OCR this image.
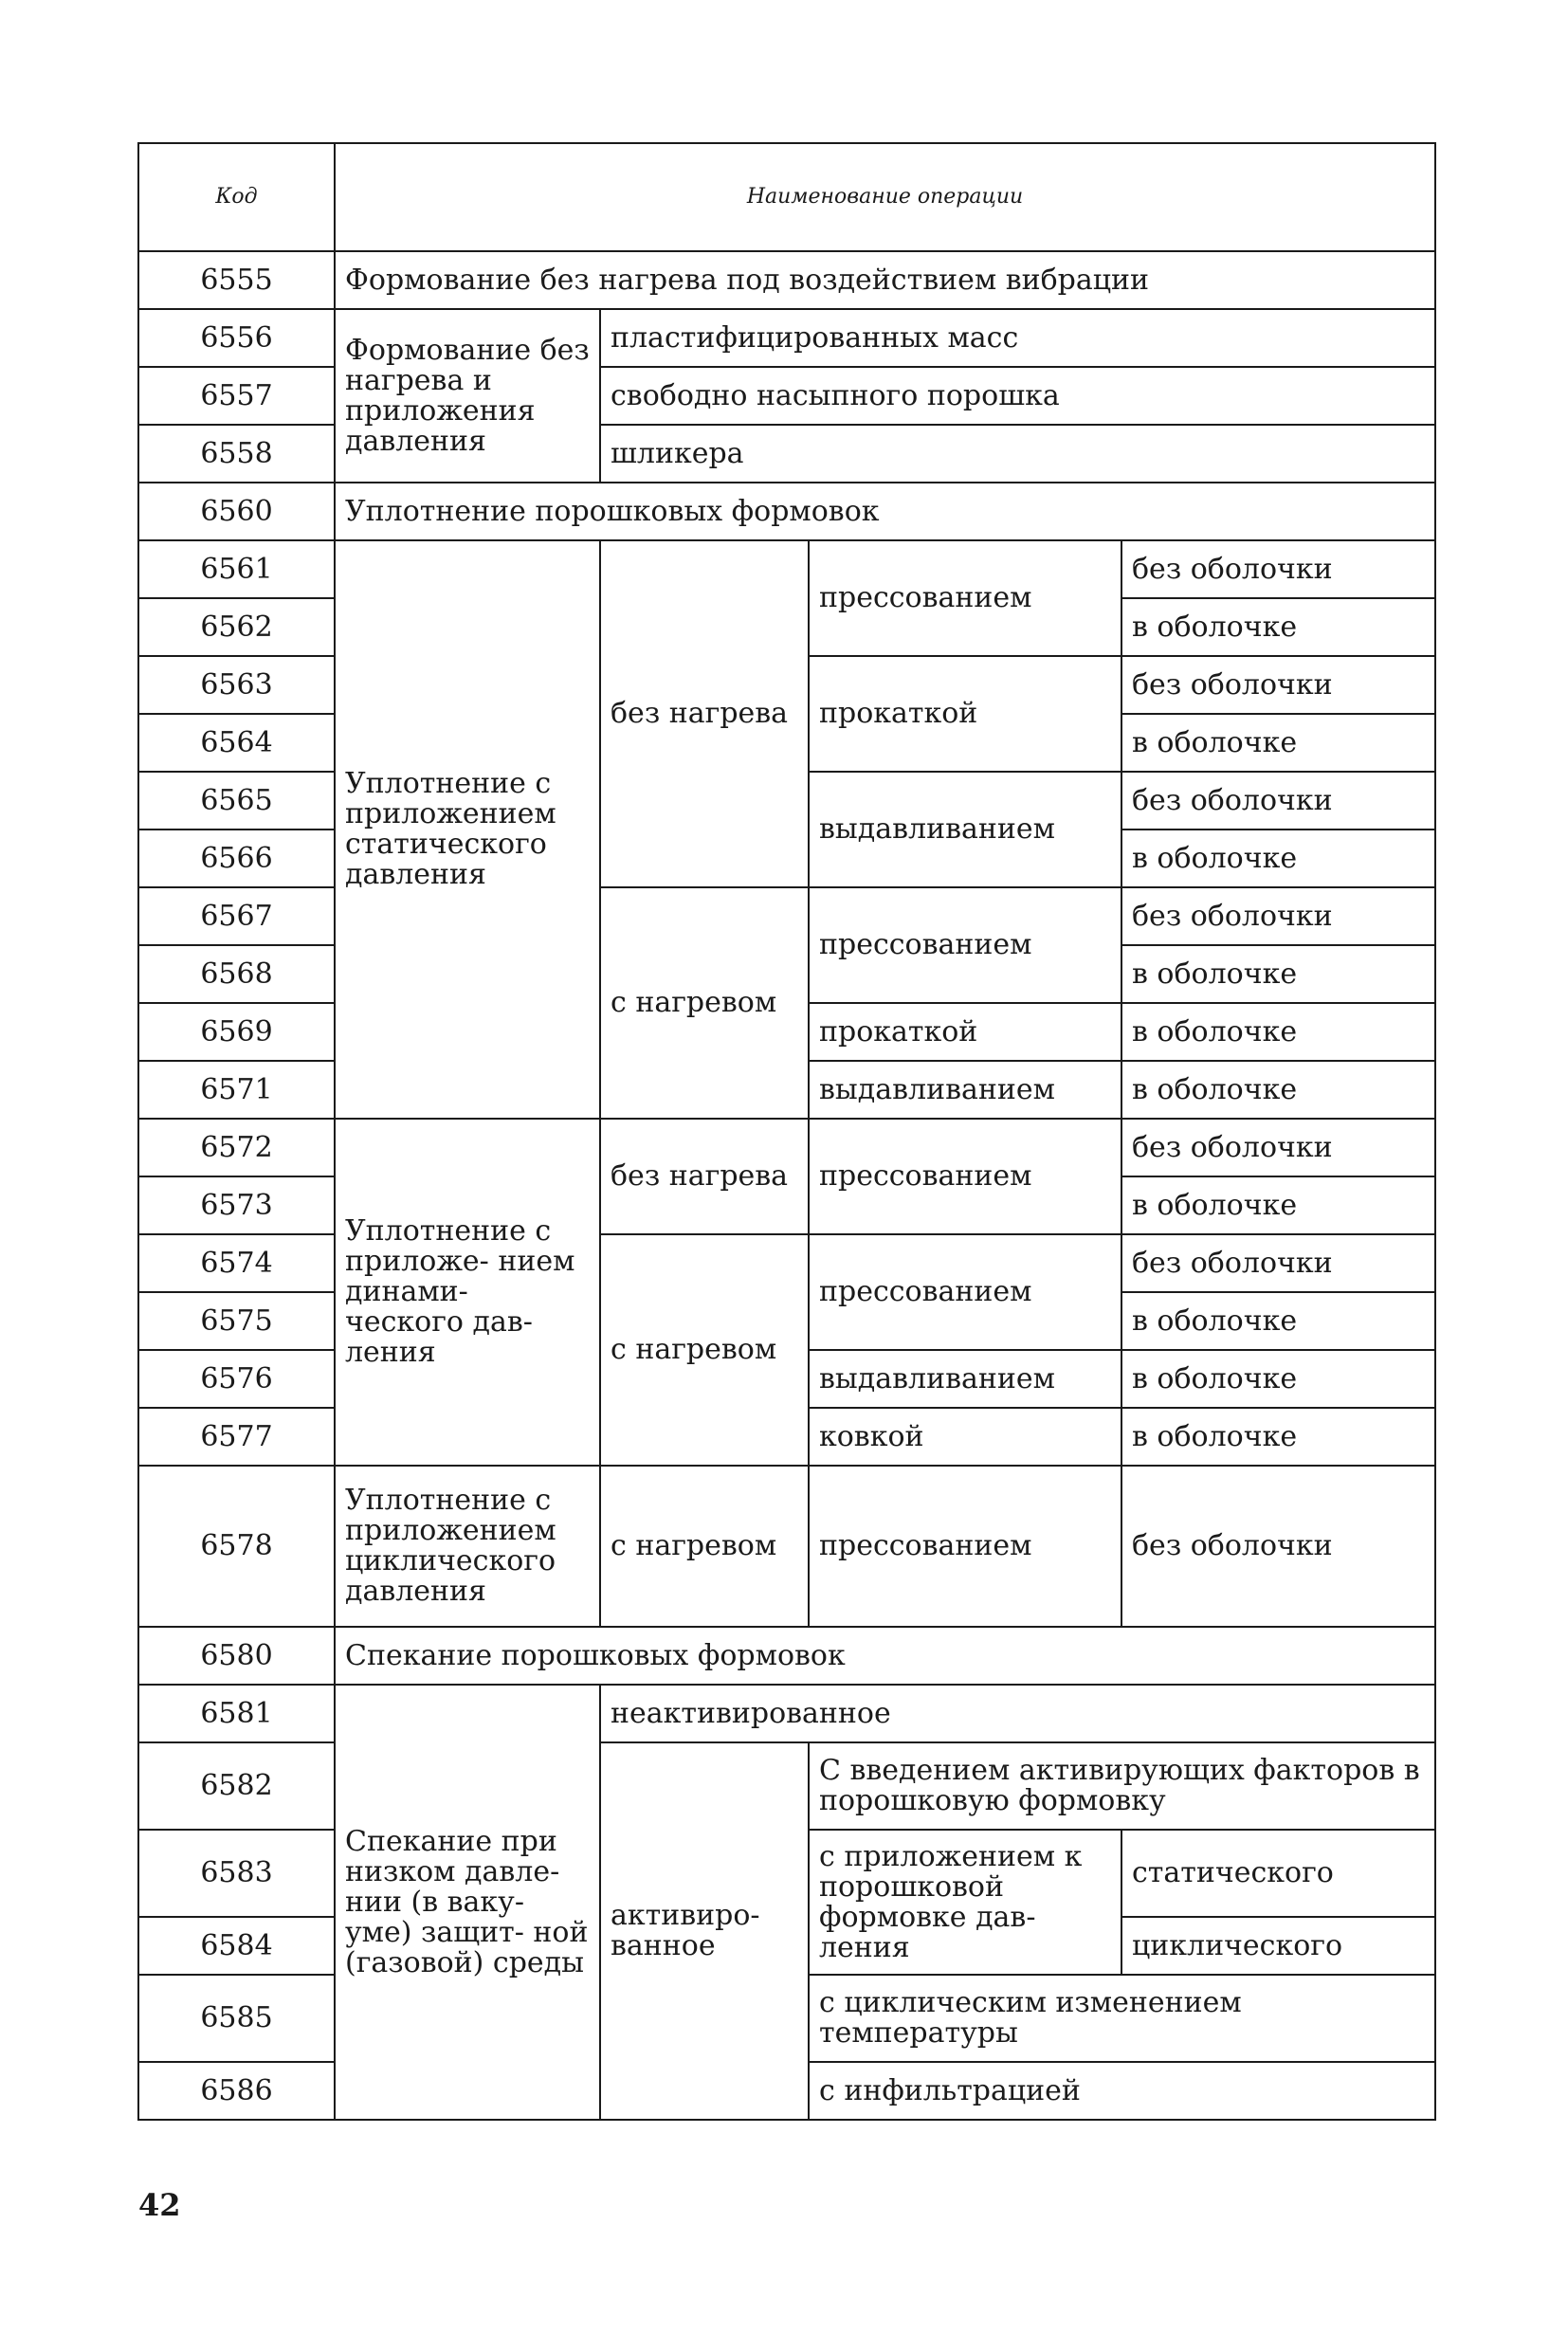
Код	Наименование операции			
6555	Формование без нагрева под воздействием вибрации			
6556	Формование без нагрева и приложения давления	пластифицированных масс		
6557		свободно насыпного порошка		
6558		шликера		
6560	Уплотнение порошковых формовок			
6561	Уплотнение с приложением статического давления	без нагрева	прессованием	без оболочки
6562				в оболочке
6563			прокаткой	без оболочки
6564				в оболочке
6565			выдавливанием	без оболочки
6566				в оболочке
6567		с нагревом	прессованием	без оболочки
6568				в оболочке
6569			прокаткой	в оболочке
6571			выдавливанием	в оболочке
6572	Уплотнение с приложе- нием динами- ческого дав- ления	без нагрева	прессованием	без оболочки
6573				в оболочке
6574		с нагревом	прессованием	без оболочки
6575				в оболочке
6576			выдавливанием	в оболочке
6577			ковкой	в оболочке
6578	Уплотнение с приложением циклического давления	с нагревом	прессованием	без оболочки
6580	Спекание порошковых формовок			
6581	Спекание при низком давле- нии (в ваку- уме) защит- ной (газовой) среды	неактивированное		
6582		активиро- ванное	С введением активирующих факторов в порошковую формовку	
6583			с приложением к порошковой формовке дав- ления	статического
6584				циклического
6585			с циклическим изменением температуры	
6586			с инфильтрацией	
42
